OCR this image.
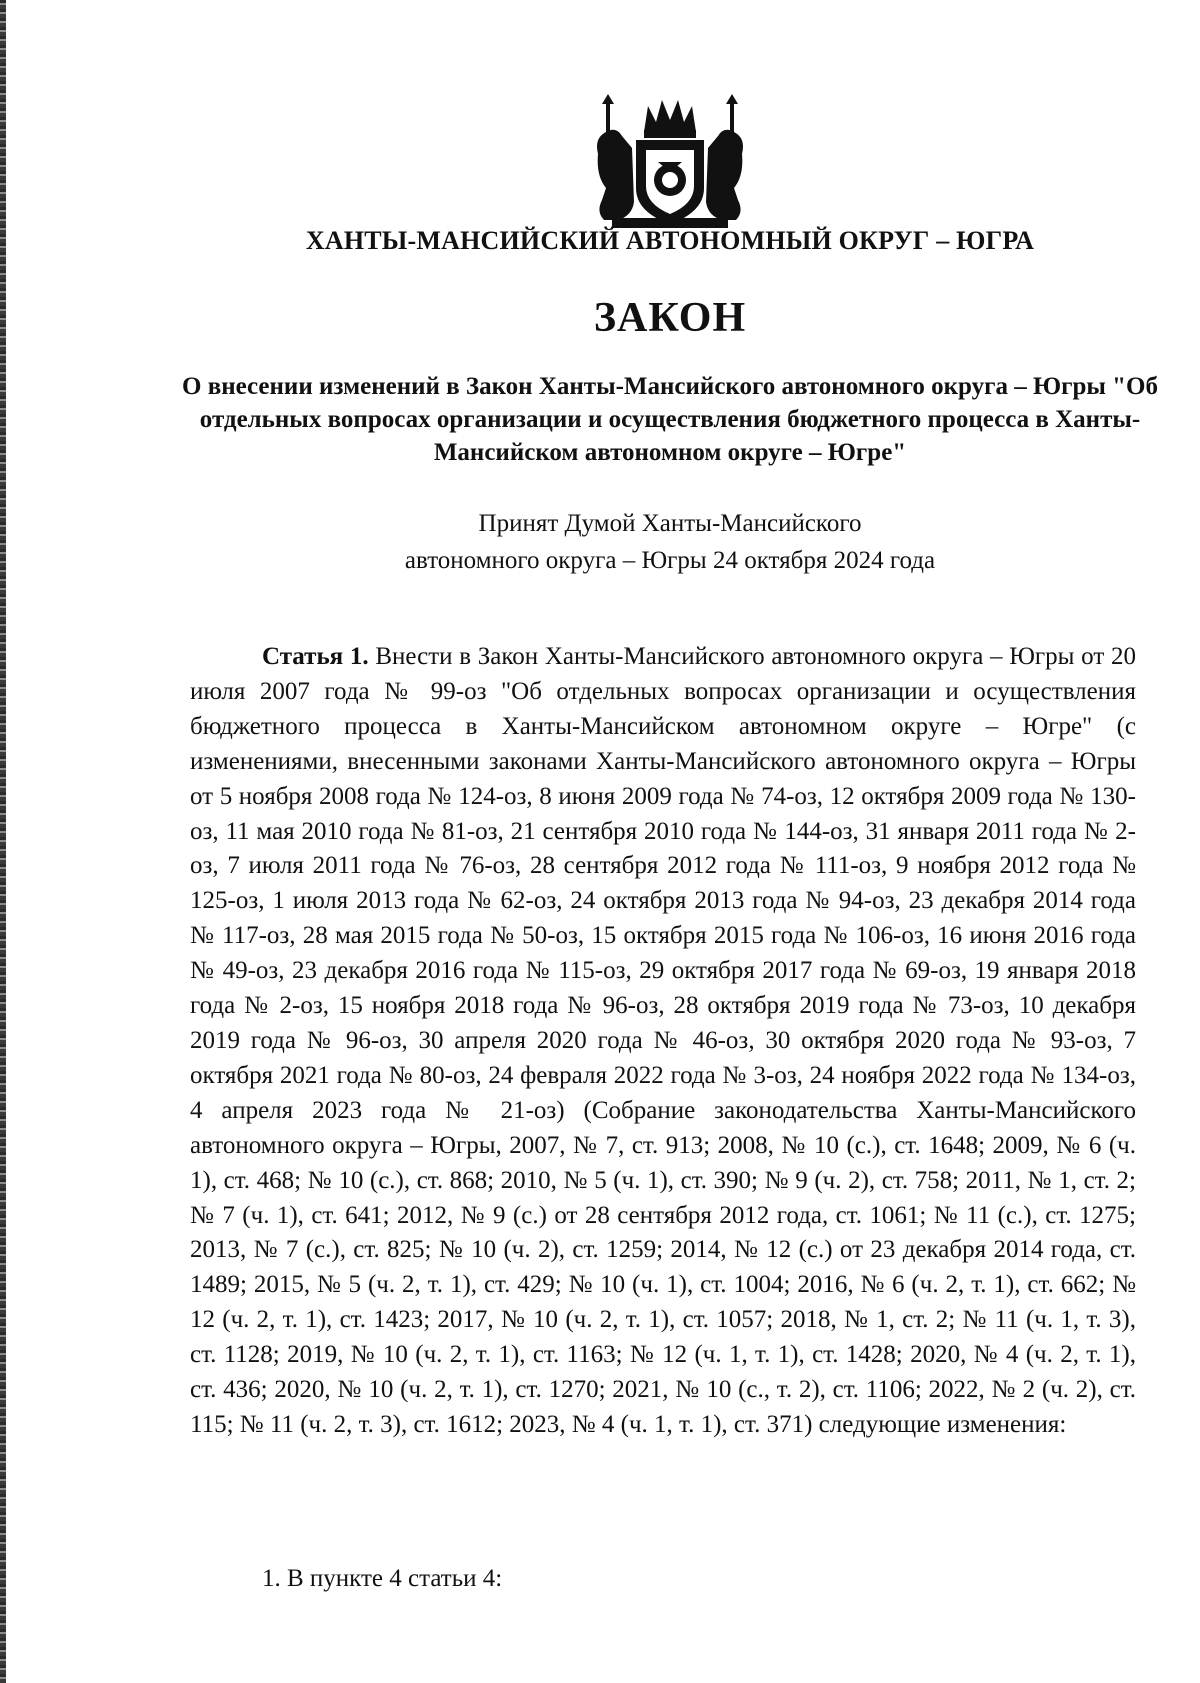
ХАНТЫ-МАНСИЙСКИЙ АВТОНОМНЫЙ ОКРУГ – ЮГРА
ЗАКОН
О внесении изменений в Закон Ханты-Мансийского автономного округа – Югры "Об отдельных вопросах организации и осуществления бюджетного процесса в Ханты-Мансийском автономном округе – Югре"
Принят Думой Ханты-Мансийского
автономного округа – Югры 24 октября 2024 года

Статья 1. Внести в Закон Ханты-Мансийского автономного округа – Югры от 20 июля 2007 года № 99-оз "Об отдельных вопросах организации и осуществления бюджетного процесса в Ханты-Мансийском автономном округе – Югре" (с изменениями, внесенными законами Ханты-Мансийского автономного округа – Югры от 5 ноября 2008 года № 124-оз, 8 июня 2009 года № 74-оз, 12 октября 2009 года № 130-оз, 11 мая 2010 года № 81-оз, 21 сентября 2010 года № 144-оз, 31 января 2011 года № 2-оз, 7 июля 2011 года № 76-оз, 28 сентября 2012 года № 111-оз, 9 ноября 2012 года № 125-оз, 1 июля 2013 года № 62-оз, 24 октября 2013 года № 94-оз, 23 декабря 2014 года № 117-оз, 28 мая 2015 года № 50-оз, 15 октября 2015 года № 106-оз, 16 июня 2016 года № 49-оз, 23 декабря 2016 года № 115-оз, 29 октября 2017 года № 69-оз, 19 января 2018 года № 2-оз, 15 ноября 2018 года № 96-оз, 28 октября 2019 года № 73-оз, 10 декабря 2019 года № 96-оз, 30 апреля 2020 года № 46-оз, 30 октября 2020 года № 93-оз, 7 октября 2021 года № 80-оз, 24 февраля 2022 года № 3-оз, 24 ноября 2022 года № 134-оз, 4 апреля 2023 года № 21-оз) (Собрание законодательства Ханты-Мансийского автономного округа – Югры, 2007, № 7, ст. 913; 2008, № 10 (с.), ст. 1648; 2009, № 6 (ч. 1), ст. 468; № 10 (с.), ст. 868; 2010, № 5 (ч. 1), ст. 390; № 9 (ч. 2), ст. 758; 2011, № 1, ст. 2; № 7 (ч. 1), ст. 641; 2012, № 9 (с.) от 28 сентября 2012 года, ст. 1061; № 11 (с.), ст. 1275; 2013, № 7 (с.), ст. 825; № 10 (ч. 2), ст. 1259; 2014, № 12 (с.) от 23 декабря 2014 года, ст. 1489; 2015, № 5 (ч. 2, т. 1), ст. 429; № 10 (ч. 1), ст. 1004; 2016, № 6 (ч. 2, т. 1), ст. 662; № 12 (ч. 2, т. 1), ст. 1423; 2017, № 10 (ч. 2, т. 1), ст. 1057; 2018, № 1, ст. 2; № 11 (ч. 1, т. 3), ст. 1128; 2019, № 10 (ч. 2, т. 1), ст. 1163; № 12 (ч. 1, т. 1), ст. 1428; 2020, № 4 (ч. 2, т. 1), ст. 436; 2020, № 10 (ч. 2, т. 1), ст. 1270; 2021, № 10 (с., т. 2), ст. 1106; 2022, № 2 (ч. 2), ст. 115; № 11 (ч. 2, т. 3), ст. 1612; 2023, № 4 (ч. 1, т. 1), ст. 371) следующие изменения:

1. В пункте 4 статьи 4:
